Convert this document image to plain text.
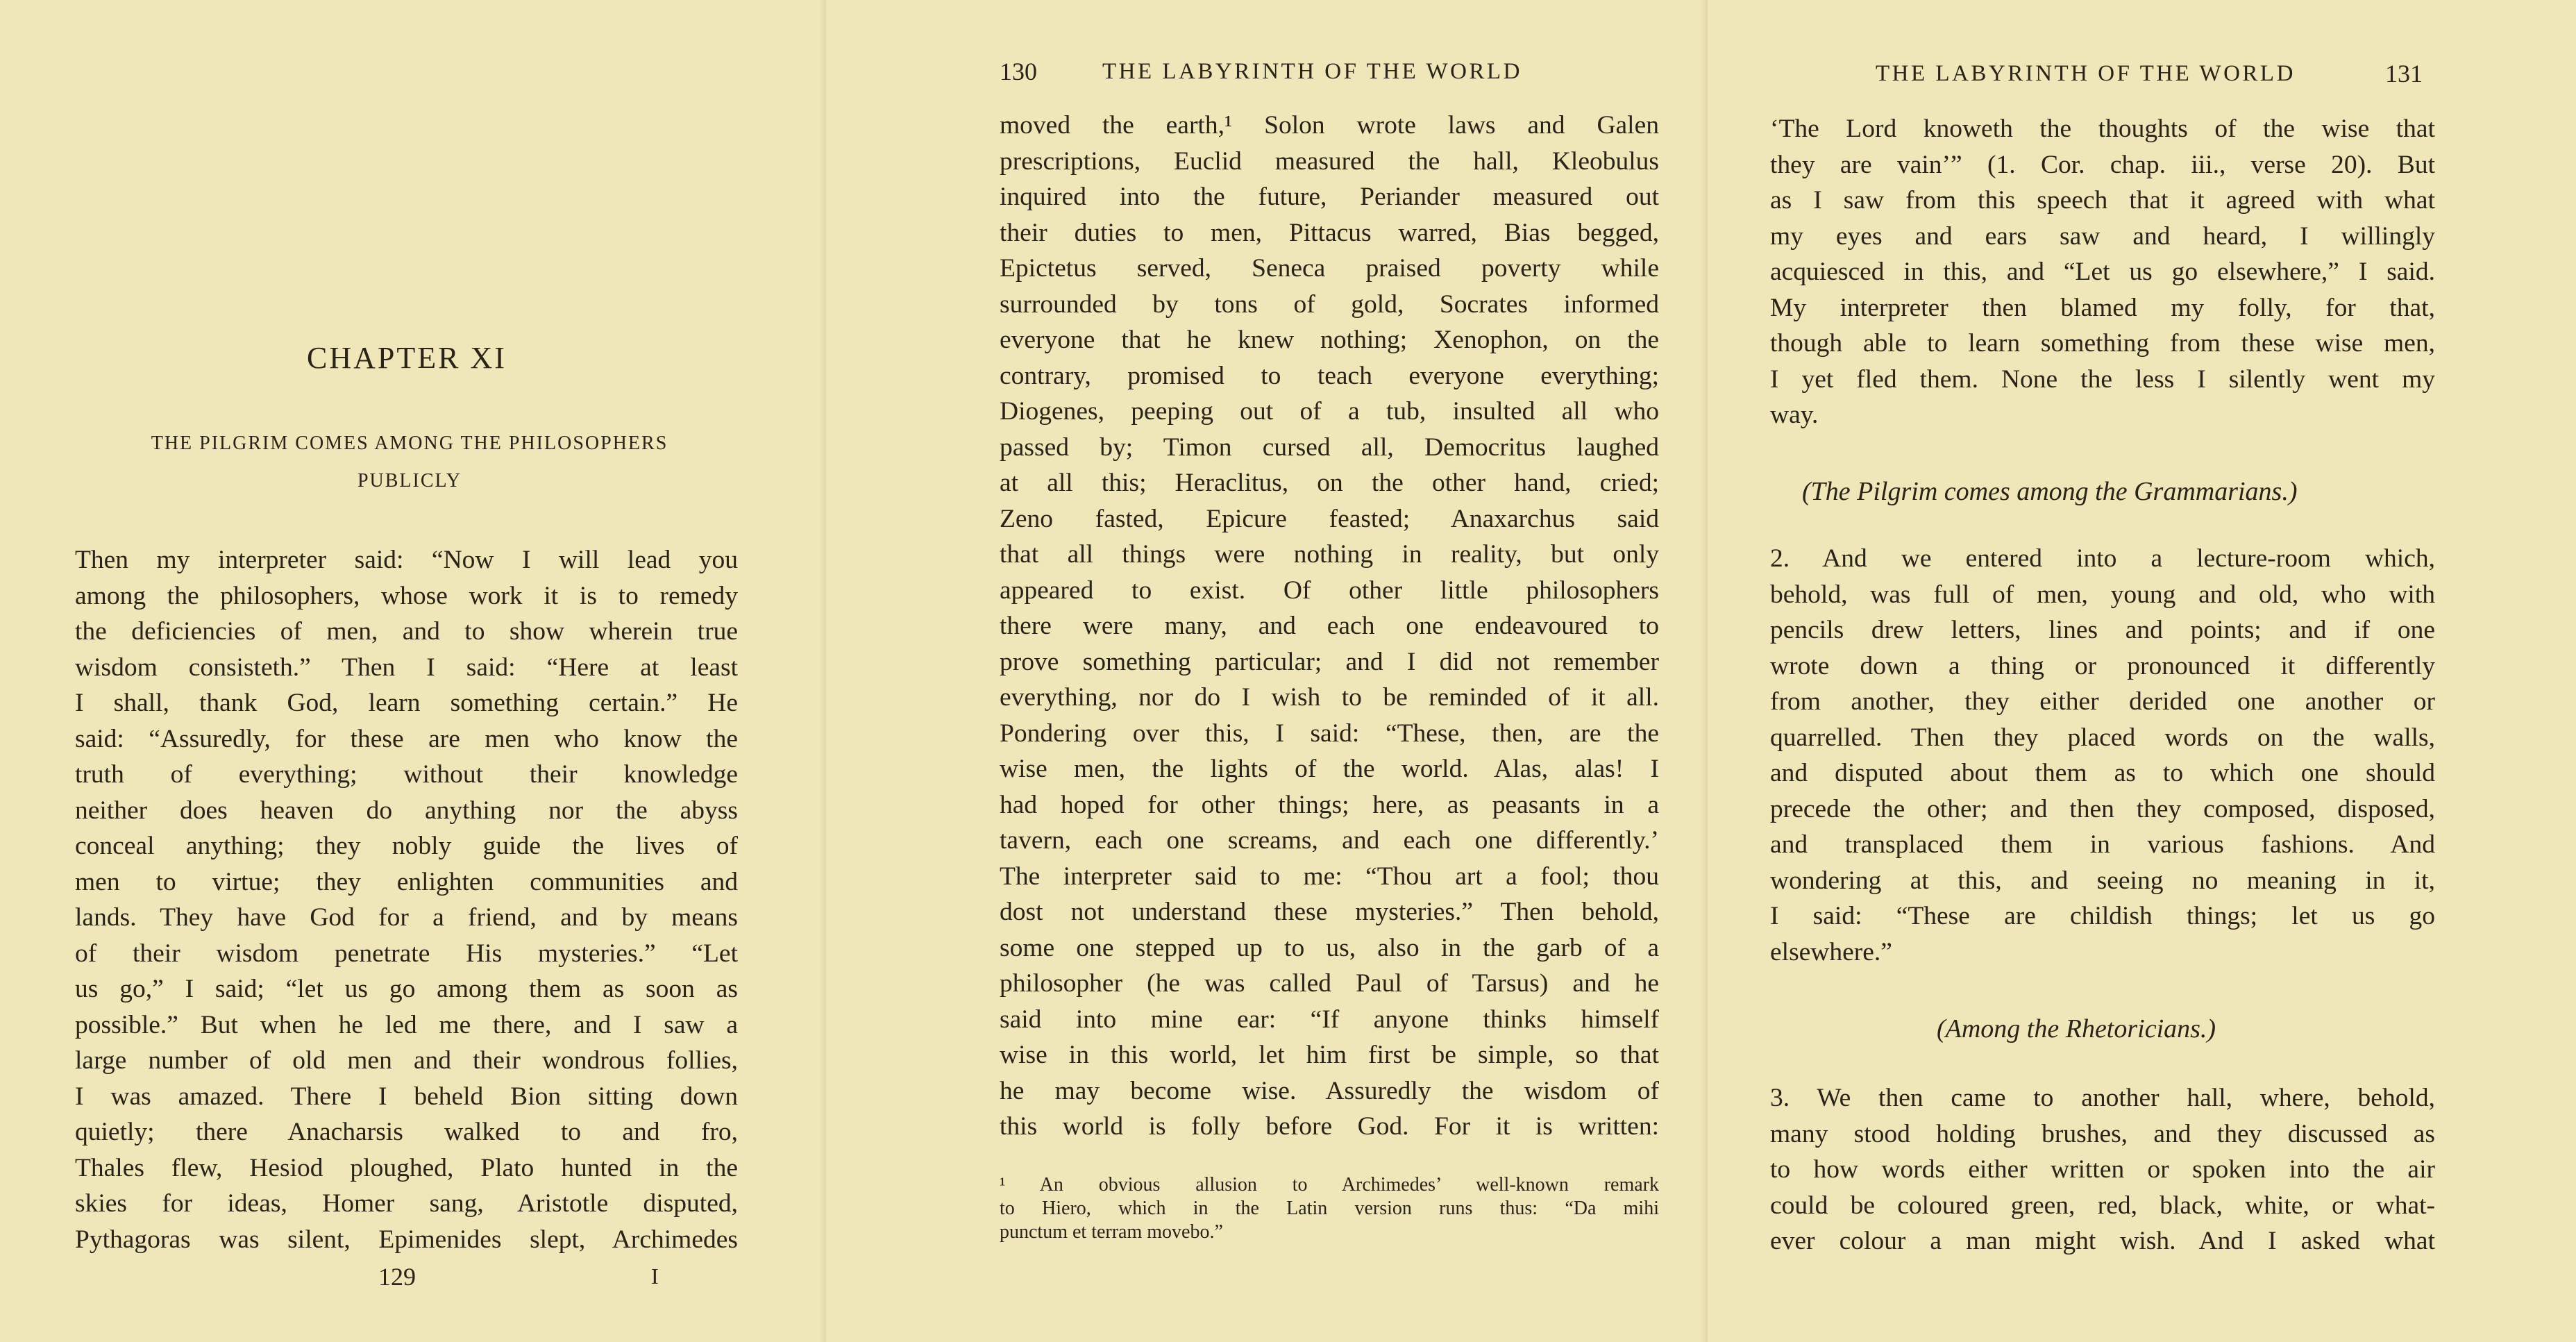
CHAPTER XI
THE PILGRIM COMES AMONG THE PHILOSOPHERS
PUBLICLY
Then my interpreter said: “Now I will lead you
among the philosophers, whose work it is to remedy
the deficiencies of men, and to show wherein true
wisdom consisteth.” Then I said: “Here at least
I shall, thank God, learn something certain.” He
said: “Assuredly, for these are men who know the
truth of everything; without their knowledge
neither does heaven do anything nor the abyss
conceal anything; they nobly guide the lives of
men to virtue; they enlighten communities and
lands. They have God for a friend, and by means
of their wisdom penetrate His mysteries.” “Let
us go,” I said; “let us go among them as soon as
possible.” But when he led me there, and I saw a
large number of old men and their wondrous follies,
I was amazed. There I beheld Bion sitting down
quietly; there Anacharsis walked to and fro,
Thales flew, Hesiod ploughed, Plato hunted in the
skies for ideas, Homer sang, Aristotle disputed,
Pythagoras was silent, Epimenides slept, Archimedes
129	I
130	THE LABYRINTH OF THE WORLD
moved the earth,¹ Solon wrote laws and Galen
prescriptions, Euclid measured the hall, Kleobulus
inquired into the future, Periander measured out
their duties to men, Pittacus warred, Bias begged,
Epictetus served, Seneca praised poverty while
surrounded by tons of gold, Socrates informed
everyone that he knew nothing; Xenophon, on the
contrary, promised to teach everyone everything;
Diogenes, peeping out of a tub, insulted all who
passed by; Timon cursed all, Democritus laughed
at all this; Heraclitus, on the other hand, cried;
Zeno fasted, Epicure feasted; Anaxarchus said
that all things were nothing in reality, but only
appeared to exist. Of other little philosophers
there were many, and each one endeavoured to
prove something particular; and I did not remember
everything, nor do I wish to be reminded of it all.
Pondering over this, I said: “These, then, are the
wise men, the lights of the world. Alas, alas! I
had hoped for other things; here, as peasants in a
tavern, each one screams, and each one differently.’
The interpreter said to me: “Thou art a fool; thou
dost not understand these mysteries.” Then behold,
some one stepped up to us, also in the garb of a
philosopher (he was called Paul of Tarsus) and he
said into mine ear: “If anyone thinks himself
wise in this world, let him first be simple, so that
he may become wise. Assuredly the wisdom of
this world is folly before God. For it is written:
¹ An obvious allusion to Archimedes’ well-known remark
to Hiero, which in the Latin version runs thus: “Da mihi
punctum et terram movebo.”
THE LABYRINTH OF THE WORLD	131
‘The Lord knoweth the thoughts of the wise that
they are vain’” (1. Cor. chap. iii., verse 20). But
as I saw from this speech that it agreed with what
my eyes and ears saw and heard, I willingly
acquiesced in this, and “Let us go elsewhere,” I said.
My interpreter then blamed my folly, for that,
though able to learn something from these wise men,
I yet fled them. None the less I silently went my
way.
(The Pilgrim comes among the Grammarians.)
2. And we entered into a lecture-room which,
behold, was full of men, young and old, who with
pencils drew letters, lines and points; and if one
wrote down a thing or pronounced it differently
from another, they either derided one another or
quarrelled. Then they placed words on the walls,
and disputed about them as to which one should
precede the other; and then they composed, disposed,
and transplaced them in various fashions. And
wondering at this, and seeing no meaning in it,
I said: “These are childish things; let us go
elsewhere.”
(Among the Rhetoricians.)
3. We then came to another hall, where, behold,
many stood holding brushes, and they discussed as
to how words either written or spoken into the air
could be coloured green, red, black, white, or what-
ever colour a man might wish. And I asked what
